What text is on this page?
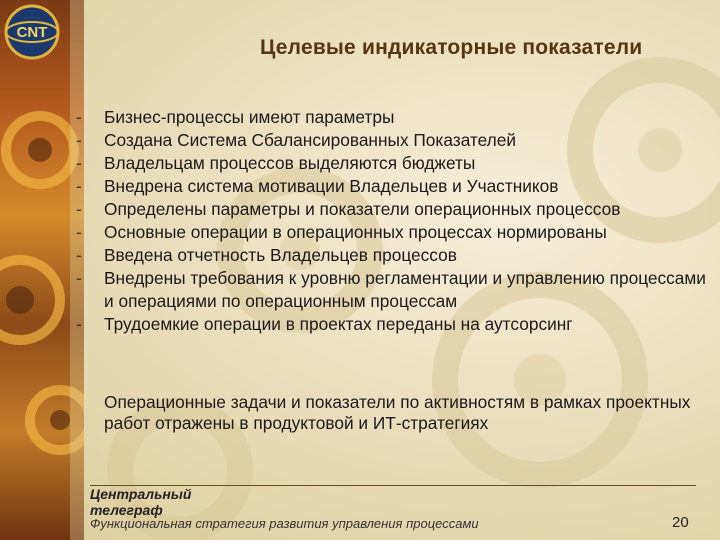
CNT
Целевые индикаторные показатели
- Бизнес-процессы имеют параметры
- Создана Система Сбалансированных Показателей
- Владельцам процессов выделяются бюджеты
- Внедрена система мотивации Владельцев и Участников
- Определены параметры и показатели операционных процессов
- Основные операции в операционных процессах нормированы
- Введена отчетность Владельцев процессов
- Внедрены требования к уровню регламентации и управлению процессами и операциями по операционным процессам
- Трудоемкие операции в проектах переданы на аутсорсинг
Операционные задачи и показатели по активностям в рамках проектных работ отражены в продуктовой и ИТ-стратегиях
Центральный
телеграф
Функциональная стратегия развития управления процессами	20
